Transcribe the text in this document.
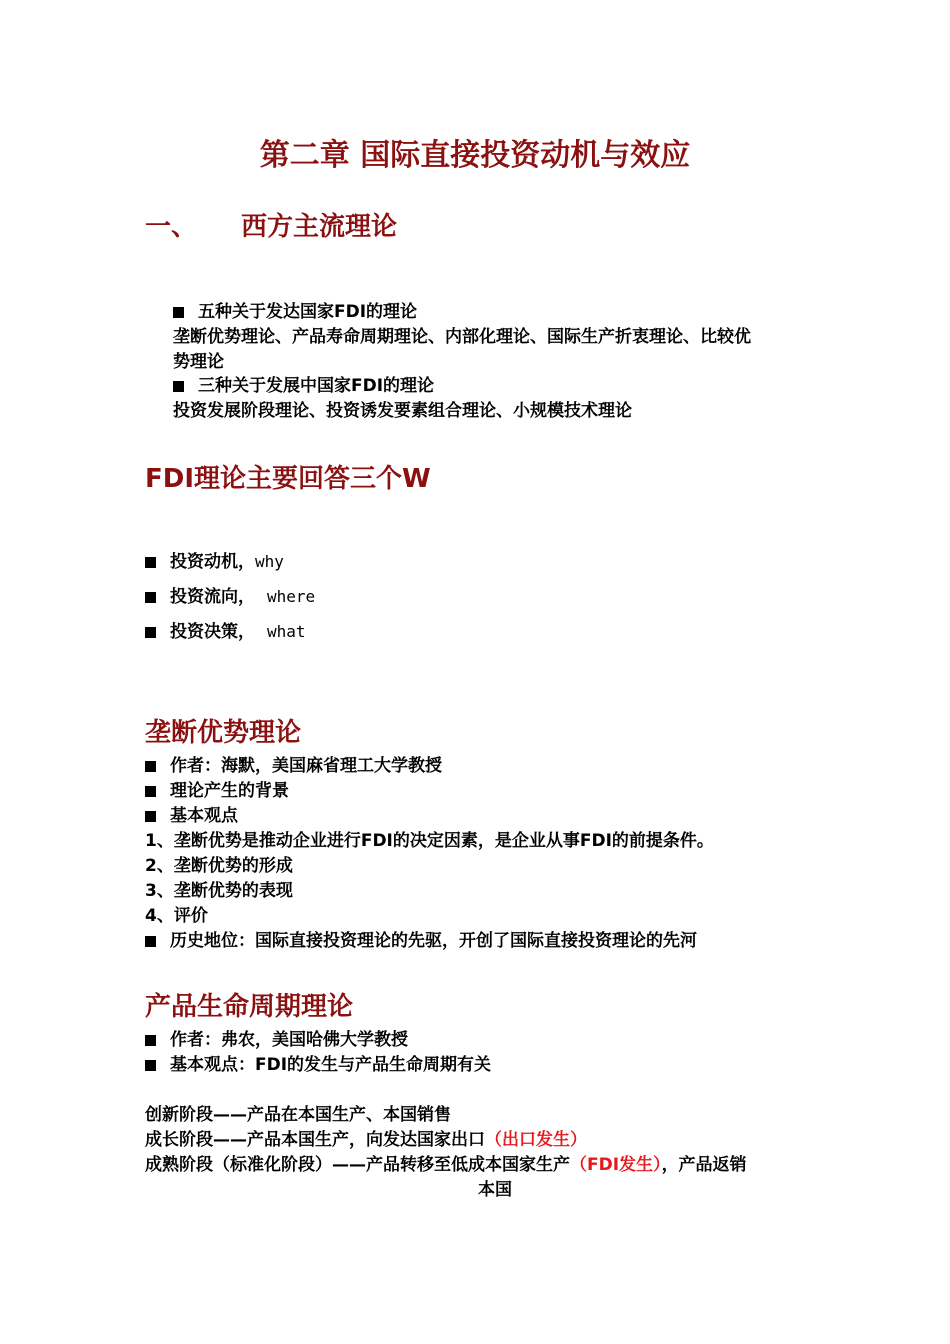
第二章 国际直接投资动机与效应
一、 西方主流理论
五种关于发达国家FDI的理论
垄断优势理论、产品寿命周期理论、内部化理论、国际生产折衷理论、比较优
势理论
三种关于发展中国家FDI的理论
投资发展阶段理论、投资诱发要素组合理论、小规模技术理论
FDI理论主要回答三个W
投资动机，why
投资流向， where
投资决策， what
垄断优势理论
作者：海默，美国麻省理工大学教授
理论产生的背景
基本观点
1、垄断优势是推动企业进行FDI的决定因素，是企业从事FDI的前提条件。
2、垄断优势的形成
3、垄断优势的表现
4、评价
历史地位：国际直接投资理论的先驱，开创了国际直接投资理论的先河
产品生命周期理论
作者：弗农，美国哈佛大学教授
基本观点：FDI的发生与产品生命周期有关
创新阶段——产品在本国生产、本国销售
成长阶段——产品本国生产，向发达国家出口（出口发生）
成熟阶段（标准化阶段）——产品转移至低成本国家生产（FDI发生），产品返销
本国
